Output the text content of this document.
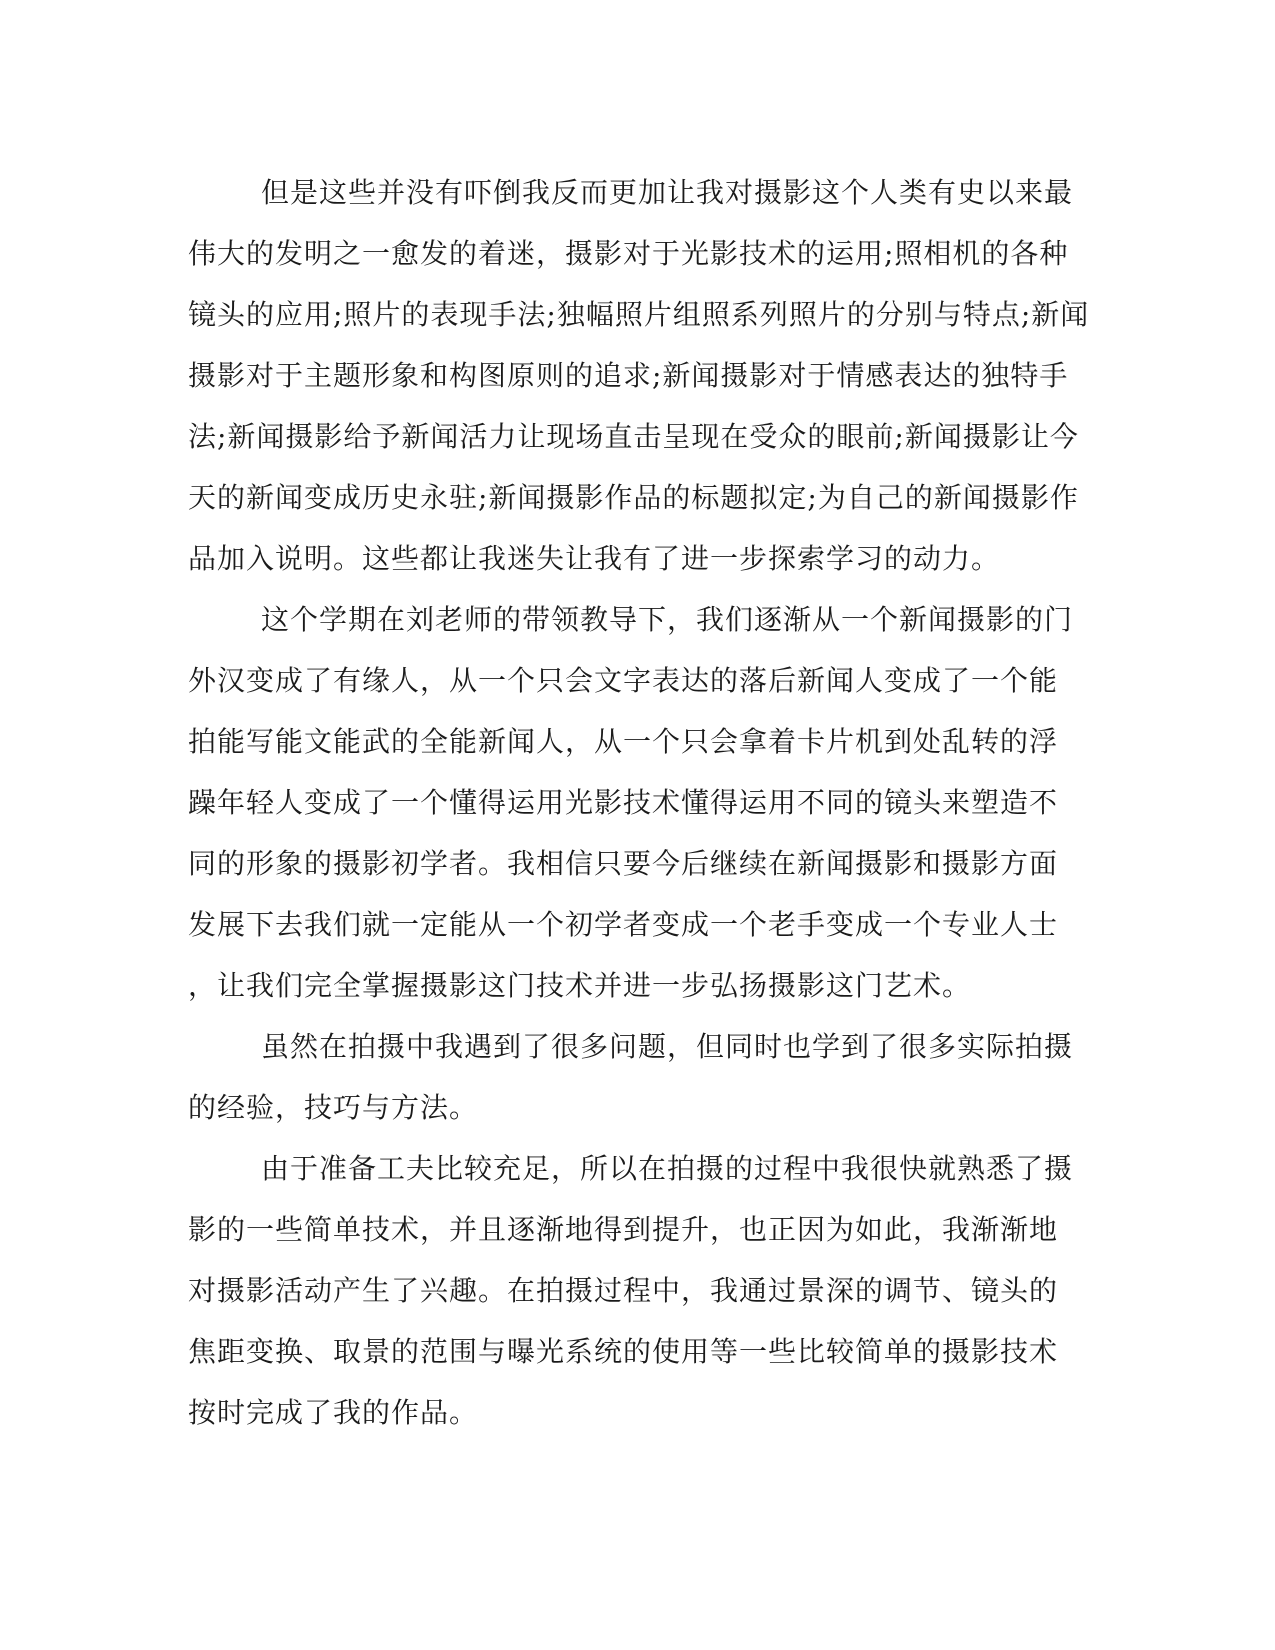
但是这些并没有吓倒我反而更加让我对摄影这个人类有史以来最
伟大的发明之一愈发的着迷，摄影对于光影技术的运用;照相机的各种
镜头的应用;照片的表现手法;独幅照片组照系列照片的分别与特点;新闻
摄影对于主题形象和构图原则的追求;新闻摄影对于情感表达的独特手
法;新闻摄影给予新闻活力让现场直击呈现在受众的眼前;新闻摄影让今
天的新闻变成历史永驻;新闻摄影作品的标题拟定;为自己的新闻摄影作
品加入说明。这些都让我迷失让我有了进一步探索学习的动力。

这个学期在刘老师的带领教导下，我们逐渐从一个新闻摄影的门
外汉变成了有缘人，从一个只会文字表达的落后新闻人变成了一个能
拍能写能文能武的全能新闻人，从一个只会拿着卡片机到处乱转的浮
躁年轻人变成了一个懂得运用光影技术懂得运用不同的镜头来塑造不
同的形象的摄影初学者。我相信只要今后继续在新闻摄影和摄影方面
发展下去我们就一定能从一个初学者变成一个老手变成一个专业人士
，让我们完全掌握摄影这门技术并进一步弘扬摄影这门艺术。

虽然在拍摄中我遇到了很多问题，但同时也学到了很多实际拍摄
的经验，技巧与方法。

由于准备工夫比较充足，所以在拍摄的过程中我很快就熟悉了摄
影的一些简单技术，并且逐渐地得到提升，也正因为如此，我渐渐地
对摄影活动产生了兴趣。在拍摄过程中，我通过景深的调节、镜头的
焦距变换、取景的范围与曝光系统的使用等一些比较简单的摄影技术
按时完成了我的作品。
